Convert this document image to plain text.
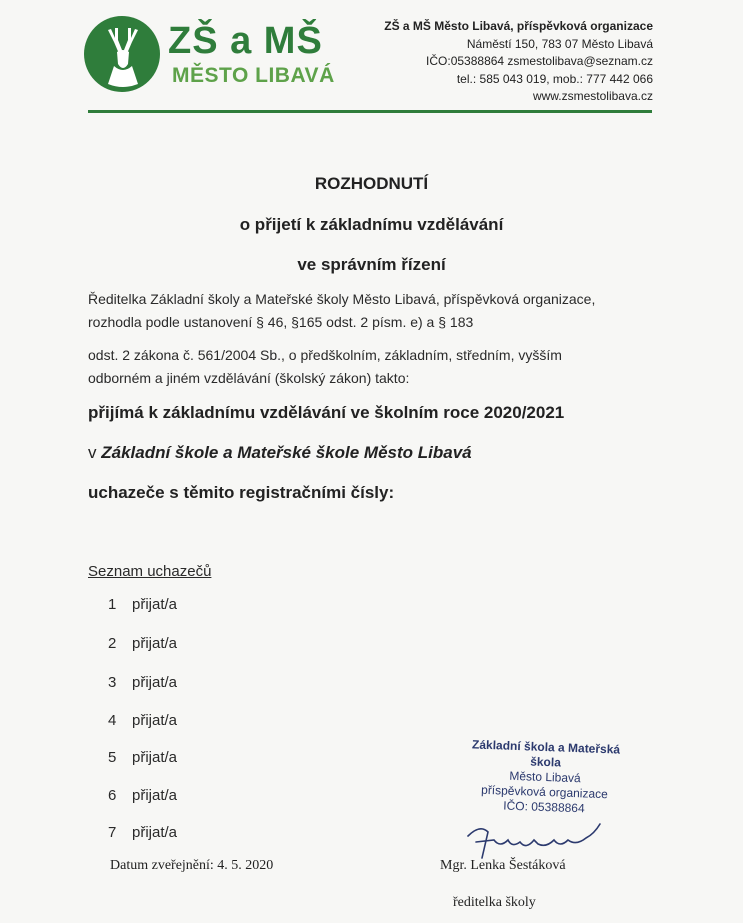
ZŠ a MŠ
MĚSTO LIBAVÁ
ZŠ a MŠ Město Libavá, příspěvková organizace
Náměstí 150, 783 07 Město Libavá
IČO:05388864 zsmestolibava@seznam.cz
tel.: 585 043 019, mob.: 777 442 066
www.zsmestolibava.cz
ROZHODNUTÍ
o přijetí k základnímu vzdělávání
ve správním řízení
Ředitelka Základní školy a Mateřské školy Město Libavá, příspěvková organizace,
rozhodla podle ustanovení § 46, §165 odst. 2 písm. e) a § 183
odst. 2 zákona č. 561/2004 Sb., o předškolním, základním, středním, vyšším
odborném a jiném vzdělávání (školský zákon) takto:
přijímá k základnímu vzdělávání ve školním roce 2020/2021
v Základní škole a Mateřské škole Město Libavá
uchazeče s těmito registračními čísly:
Seznam uchazečů
1 přijat/a
2 přijat/a
3 přijat/a
4 přijat/a
5 přijat/a
6 přijat/a
7 přijat/a
Základní škola a Mateřská škola
Město Libavá
příspěvková organizace
IČO: 05388864
Datum zveřejnění: 4. 5. 2020	Mgr. Lenka Šestáková
ředitelka školy
